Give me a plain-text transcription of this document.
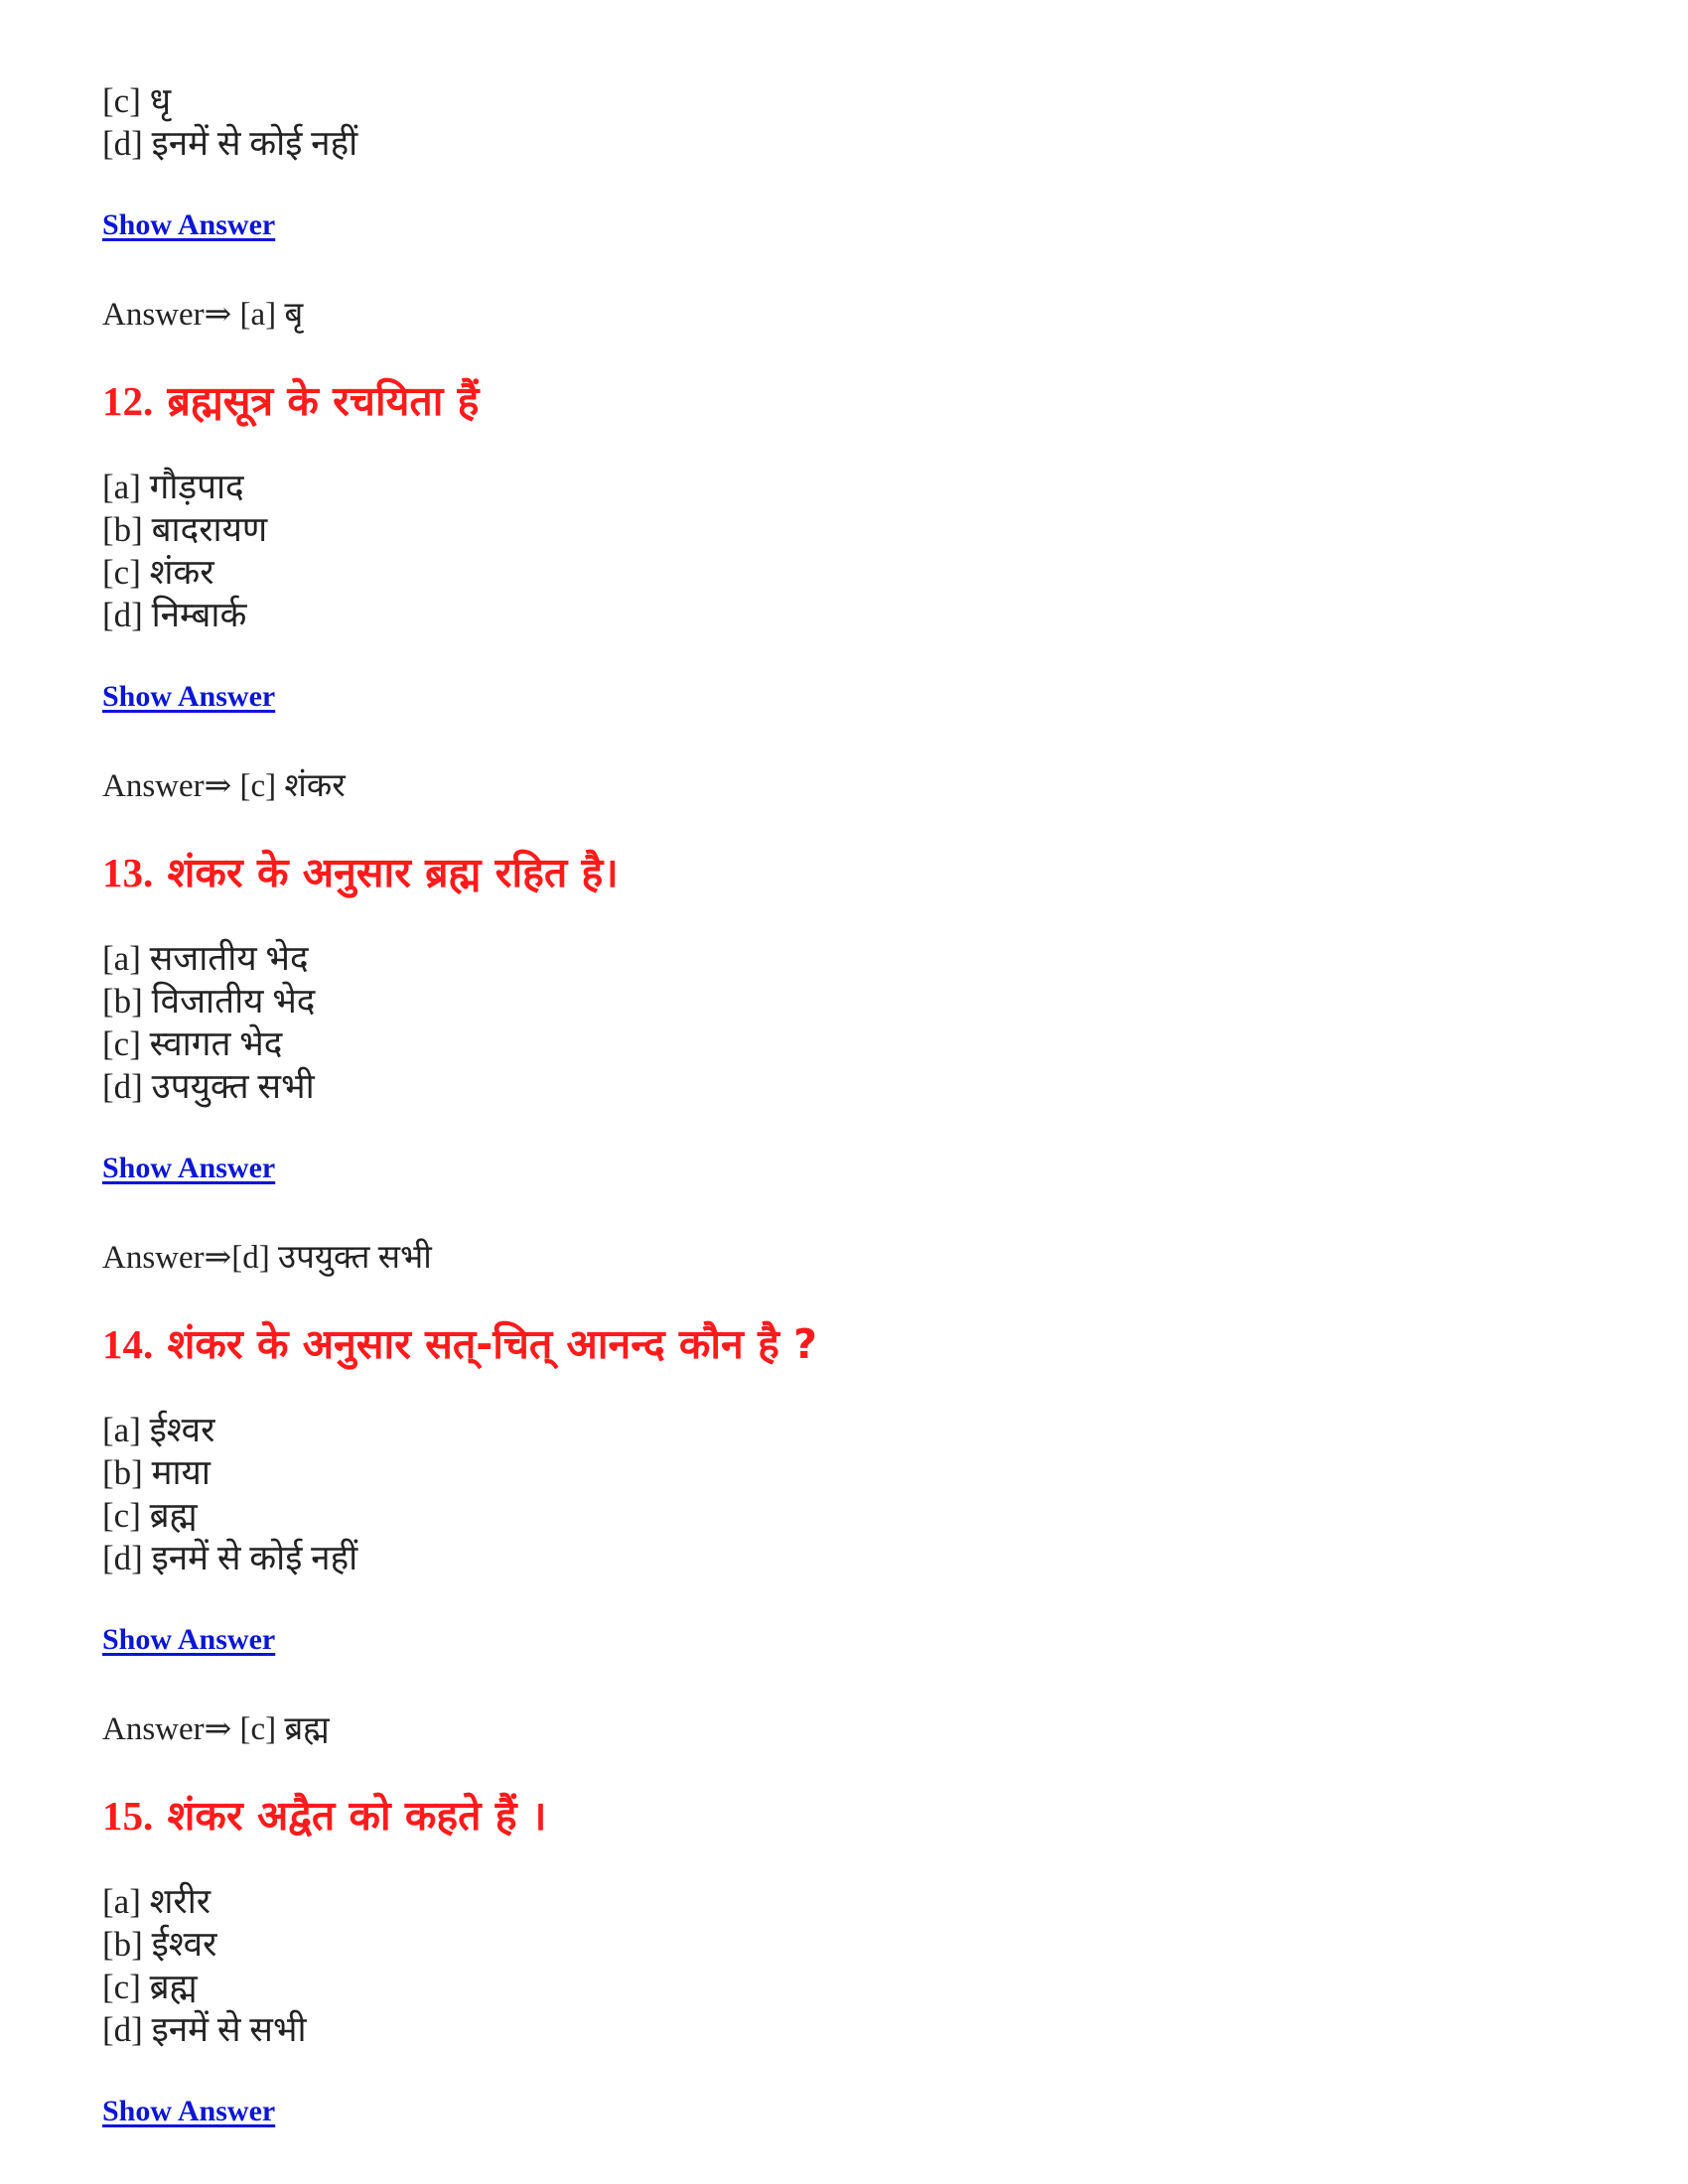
[c] धृ

[d] इनमें से कोई नहीं

Show Answer
Answer⇒ [a] बृ
12. ब्रह्मसूत्र के रचयिता हैं

[a] गौड़पाद

[b] बादरायण

[c] शंकर

[d] निम्बार्क

Show Answer
Answer⇒ [c] शंकर
13. शंकर के अनुसार ब्रह्म रहित है।

[a] सजातीय भेद

[b] विजातीय भेद

[c] स्वागत भेद

[d] उपयुक्त सभी

Show Answer
Answer⇒[d] उपयुक्त सभी
14. शंकर के अनुसार सत्-चित् आनन्द कौन है ?

[a] ईश्वर

[b] माया

[c] ब्रह्म

[d] इनमें से कोई नहीं

Show Answer
Answer⇒ [c] ब्रह्म
15. शंकर अद्वैत को कहते हैं ।

[a] शरीर

[b] ईश्वर

[c] ब्रह्म

[d] इनमें से सभी

Show Answer
